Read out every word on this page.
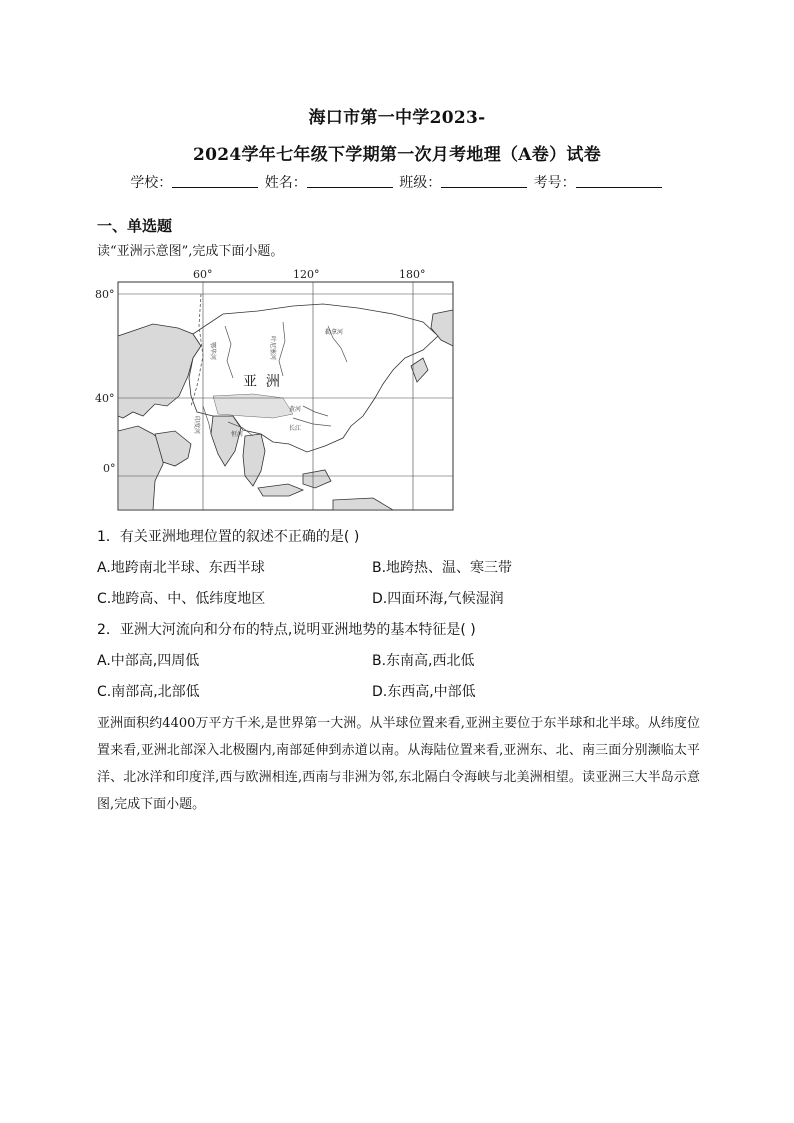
海口市第一中学2023-
2024学年七年级下学期第一次月考地理（A卷）试卷
学校：	姓名：	班级：	考号：
一、单选题
读“亚洲示意图”,完成下面小题。
60°	120°	180°
80°
40°
0°
亚  洲
叶尼塞河
鄂毕河
勒拿河
印度河
恒河
黄河
长江
1．有关亚洲地理位置的叙述不正确的是( )
A.地跨南北半球、东西半球	B.地跨热、温、寒三带
C.地跨高、中、低纬度地区	D.四面环海,气候湿润
2．亚洲大河流向和分布的特点,说明亚洲地势的基本特征是( )
A.中部高,四周低	B.东南高,西北低
C.南部高,北部低	D.东西高,中部低
亚洲面积约4400万平方千米,是世界第一大洲。从半球位置来看,亚洲主要位于东半球和北半球。从纬度位置来看,亚洲北部深入北极圈内,南部延伸到赤道以南。从海陆位置来看,亚洲东、北、南三面分别濒临太平洋、北冰洋和印度洋,西与欧洲相连,西南与非洲为邻,东北隔白令海峡与北美洲相望。读亚洲三大半岛示意图,完成下面小题。
